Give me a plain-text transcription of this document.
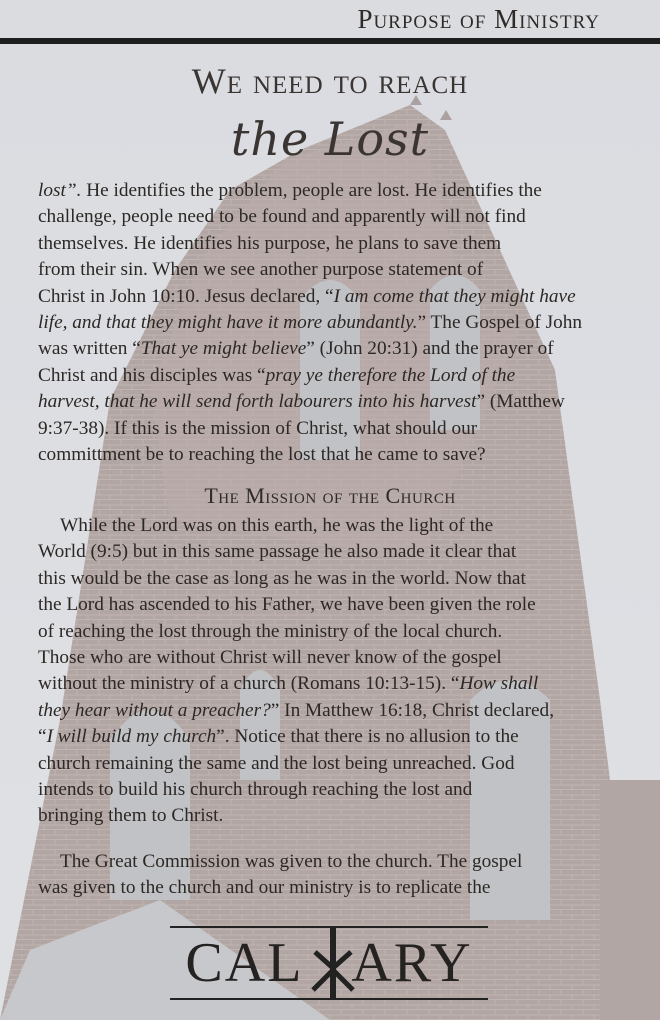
Purpose of Ministry
We need to reach
the Lost
lost”. He identifies the problem, people are lost. He identifies the
challenge, people need to be found and apparently will not find
themselves. He identifies his purpose, he plans to save them
from their sin. When we see another purpose statement of
Christ in John 10:10. Jesus declared, “I am come that they might have
life, and that they might have it more abundantly.” The Gospel of John
was written “That ye might believe” (John 20:31) and the prayer of
Christ and his disciples was “pray ye therefore the Lord of the
harvest, that he will send forth labourers into his harvest” (Matthew
9:37-38). If this is the mission of Christ, what should our
committment be to reaching the lost that he came to save?
The Mission of the Church
While the Lord was on this earth, he was the light of the
World (9:5) but in this same passage he also made it clear that
this would be the case as long as he was in the world. Now that
the Lord has ascended to his Father, we have been given the role
of reaching the lost through the ministry of the local church.
Those who are without Christ will never know of the gospel
without the ministry of a church (Romans 10:13-15). “How shall
they hear without a preacher?” In Matthew 16:18, Christ declared,
“I will build my church”. Notice that there is no allusion to the
church remaining the same and the lost being unreached. God
intends to build his church through reaching the lost and
bringing them to Christ.
The Great Commission was given to the church. The gospel
was given to the church and our ministry is to replicate the
CAL ARY
